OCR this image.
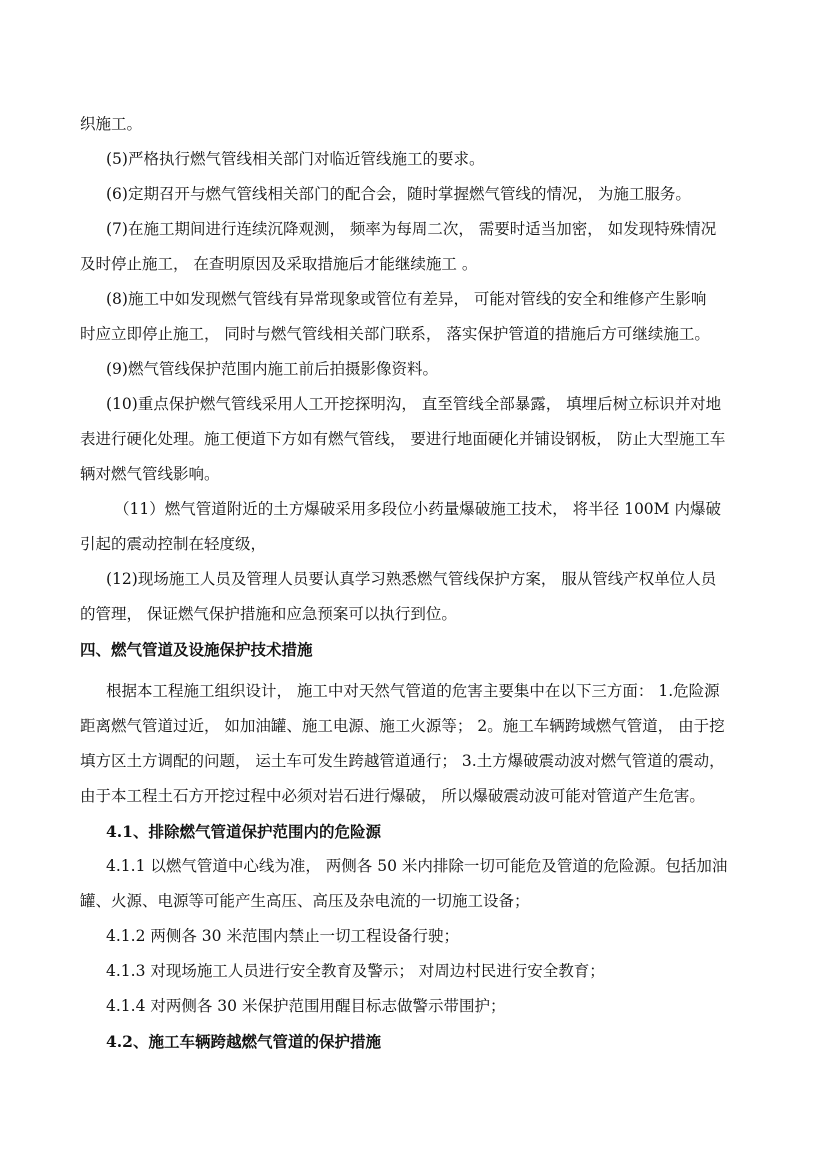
织施工。

(5)严格执行燃气管线相关部门对临近管线施工的要求。

(6)定期召开与燃气管线相关部门的配合会，随时掌握燃气管线的情况， 为施工服务。

(7)在施工期间进行连续沉降观测， 频率为每周二次， 需要时适当加密， 如发现特殊情况

及时停止施工， 在查明原因及采取措施后才能继续施工 。

(8)施工中如发现燃气管线有异常现象或管位有差异， 可能对管线的安全和维修产生影响

时应立即停止施工， 同时与燃气管线相关部门联系， 落实保护管道的措施后方可继续施工。

(9)燃气管线保护范围内施工前后拍摄影像资料。

(10)重点保护燃气管线采用人工开挖探明沟， 直至管线全部暴露， 填埋后树立标识并对地

表进行硬化处理。施工便道下方如有燃气管线， 要进行地面硬化并铺设钢板， 防止大型施工车

辆对燃气管线影响。

（11）燃气管道附近的土方爆破采用多段位小药量爆破施工技术， 将半径 100M 内爆破

引起的震动控制在轻度级，

(12)现场施工人员及管理人员要认真学习熟悉燃气管线保护方案， 服从管线产权单位人员

的管理， 保证燃气保护措施和应急预案可以执行到位。

四、燃气管道及设施保护技术措施

根据本工程施工组织设计， 施工中对天然气管道的危害主要集中在以下三方面： 1.危险源

距离燃气管道过近， 如加油罐、施工电源、施工火源等； 2。施工车辆跨域燃气管道， 由于挖

填方区土方调配的问题， 运土车可发生跨越管道通行； 3.土方爆破震动波对燃气管道的震动，

由于本工程土石方开挖过程中必须对岩石进行爆破， 所以爆破震动波可能对管道产生危害。

4.1、排除燃气管道保护范围内的危险源

4.1.1 以燃气管道中心线为准， 两侧各 50 米内排除一切可能危及管道的危险源。包括加油

罐、火源、电源等可能产生高压、高压及杂电流的一切施工设备；

4.1.2 两侧各 30 米范围内禁止一切工程设备行驶；

4.1.3 对现场施工人员进行安全教育及警示； 对周边村民进行安全教育；

4.1.4 对两侧各 30 米保护范围用醒目标志做警示带围护；

4.2、施工车辆跨越燃气管道的保护措施
